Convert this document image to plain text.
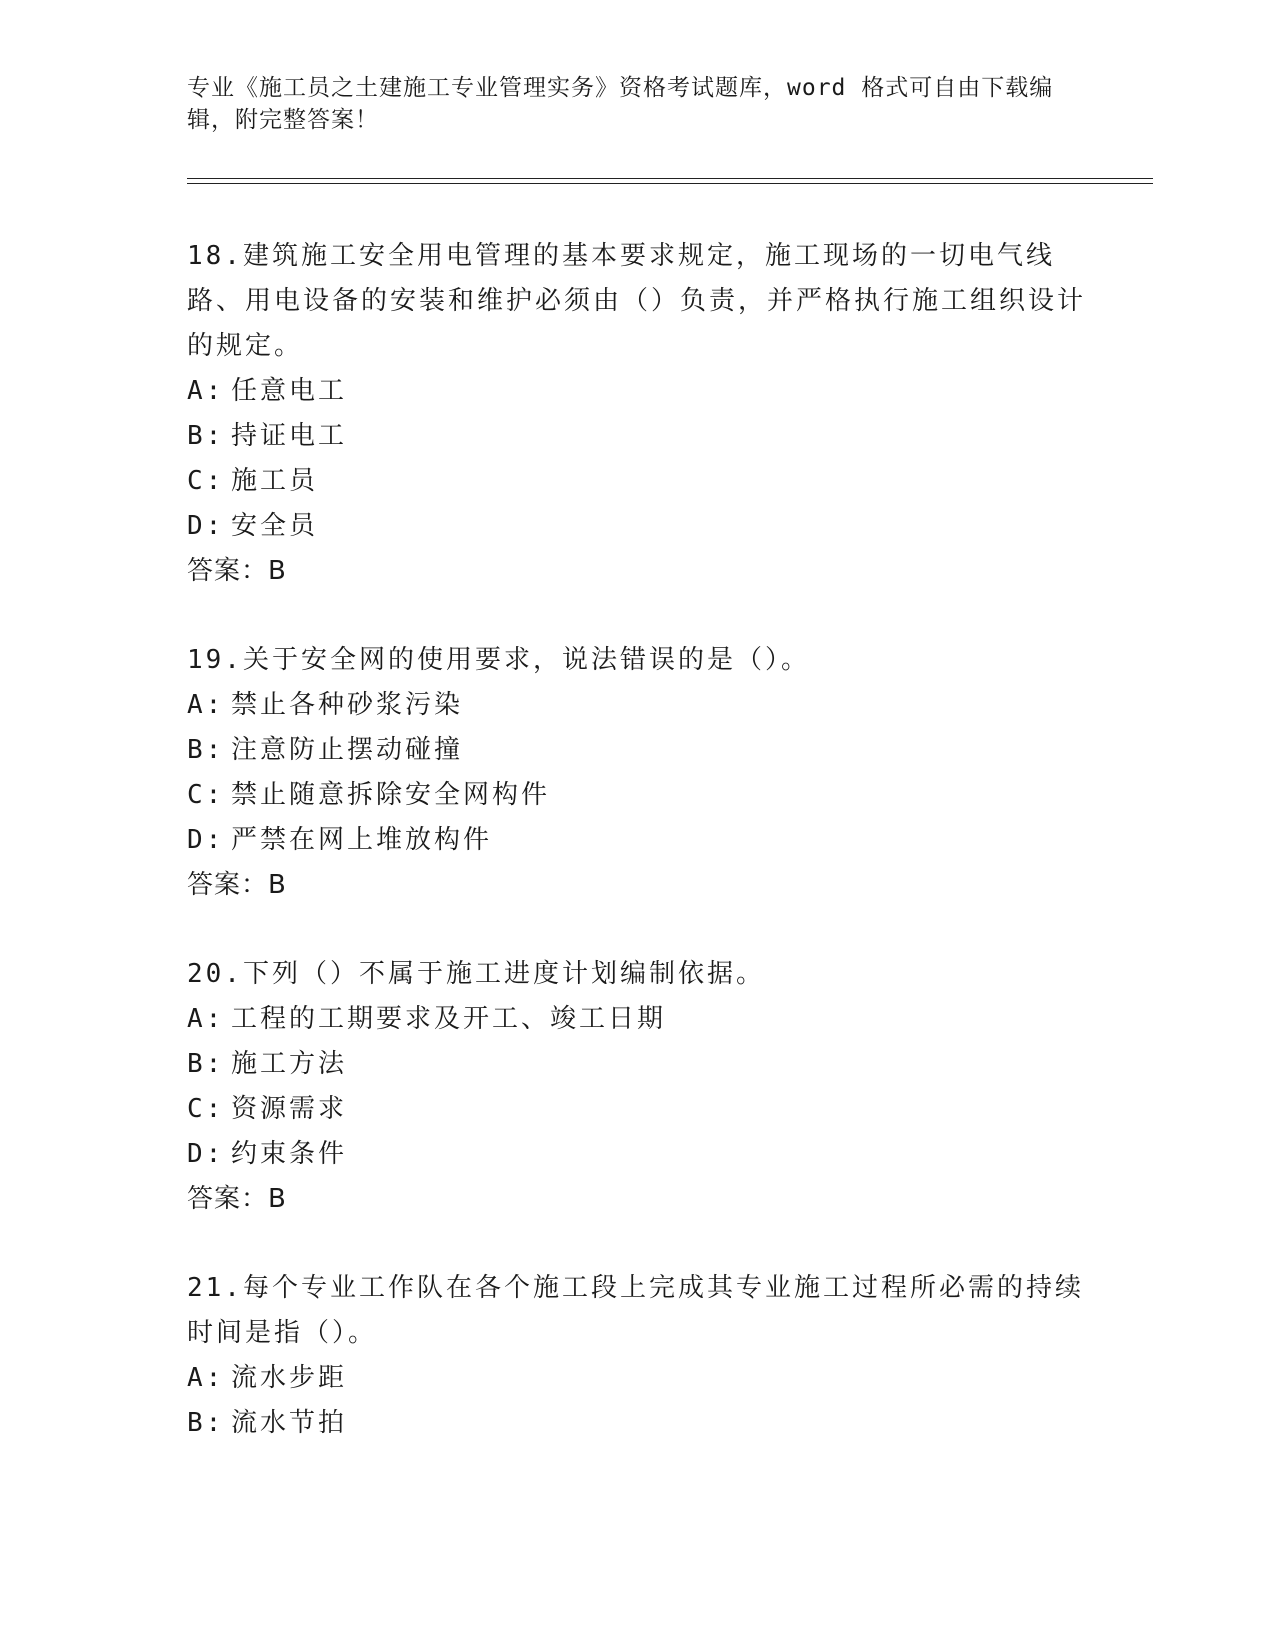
专业《施工员之土建施工专业管理实务》资格考试题库，word 格式可自由下载编辑，附完整答案！

18.建筑施工安全用电管理的基本要求规定，施工现场的一切电气线路、用电设备的安装和维护必须由（）负责，并严格执行施工组织设计的规定。

A: 任意电工

B: 持证电工

C: 施工员

D: 安全员

答案：B

19.关于安全网的使用要求，说法错误的是（）。

A: 禁止各种砂浆污染

B: 注意防止摆动碰撞

C: 禁止随意拆除安全网构件

D: 严禁在网上堆放构件

答案：B

20.下列（）不属于施工进度计划编制依据。

A: 工程的工期要求及开工、竣工日期

B: 施工方法

C: 资源需求

D: 约束条件

答案：B

21.每个专业工作队在各个施工段上完成其专业施工过程所必需的持续时间是指（）。

A: 流水步距

B: 流水节拍
